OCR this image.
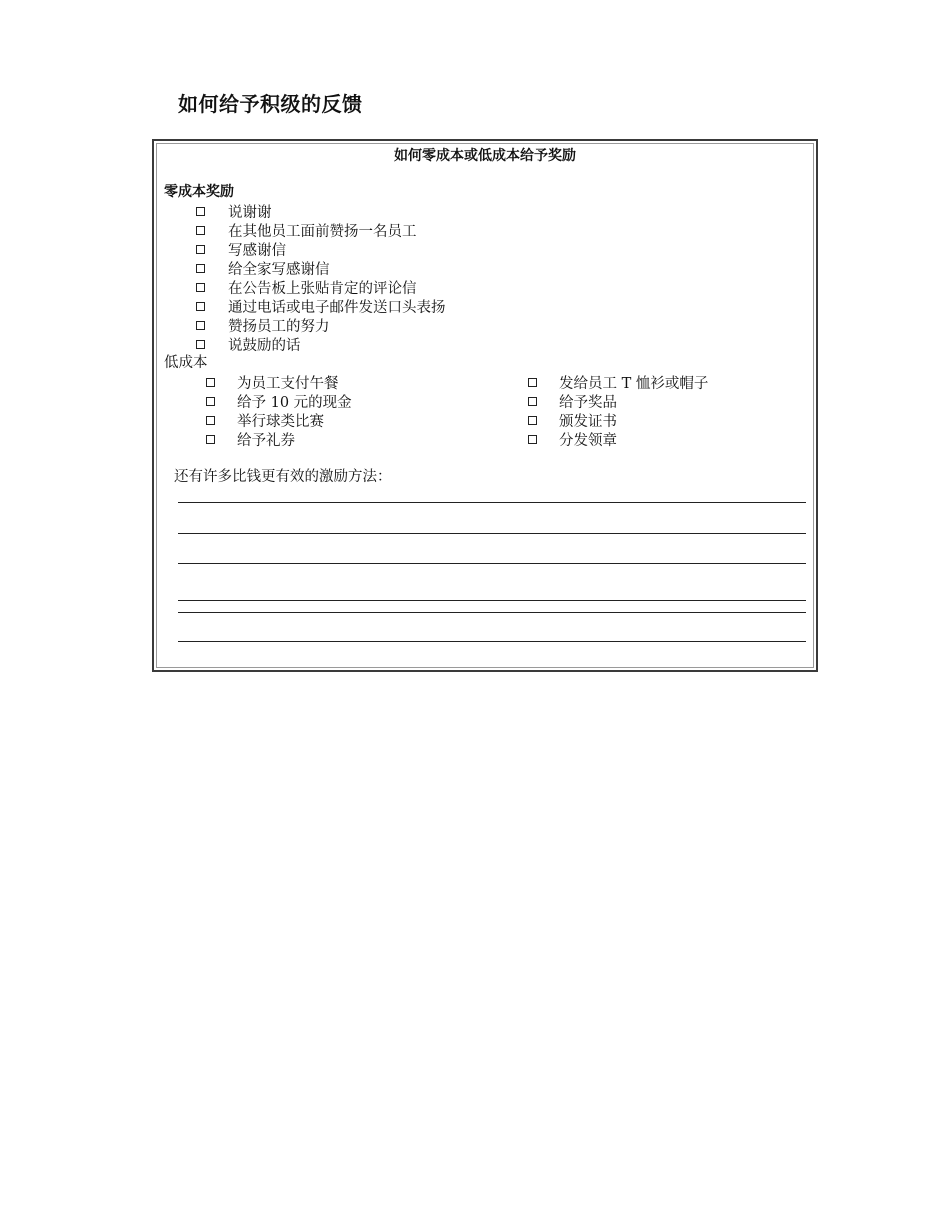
如何给予积级的反馈
如何零成本或低成本给予奖励
零成本奖励
说谢谢
在其他员工面前赞扬一名员工
写感谢信
给全家写感谢信
在公告板上张贴肯定的评论信
通过电话或电子邮件发送口头表扬
赞扬员工的努力
说鼓励的话
低成本
为员工支付午餐
给予 10 元的现金
举行球类比赛
给予礼券
发给员工 T 恤衫或帽子
给予奖品
颁发证书
分发领章
还有许多比钱更有效的激励方法：
